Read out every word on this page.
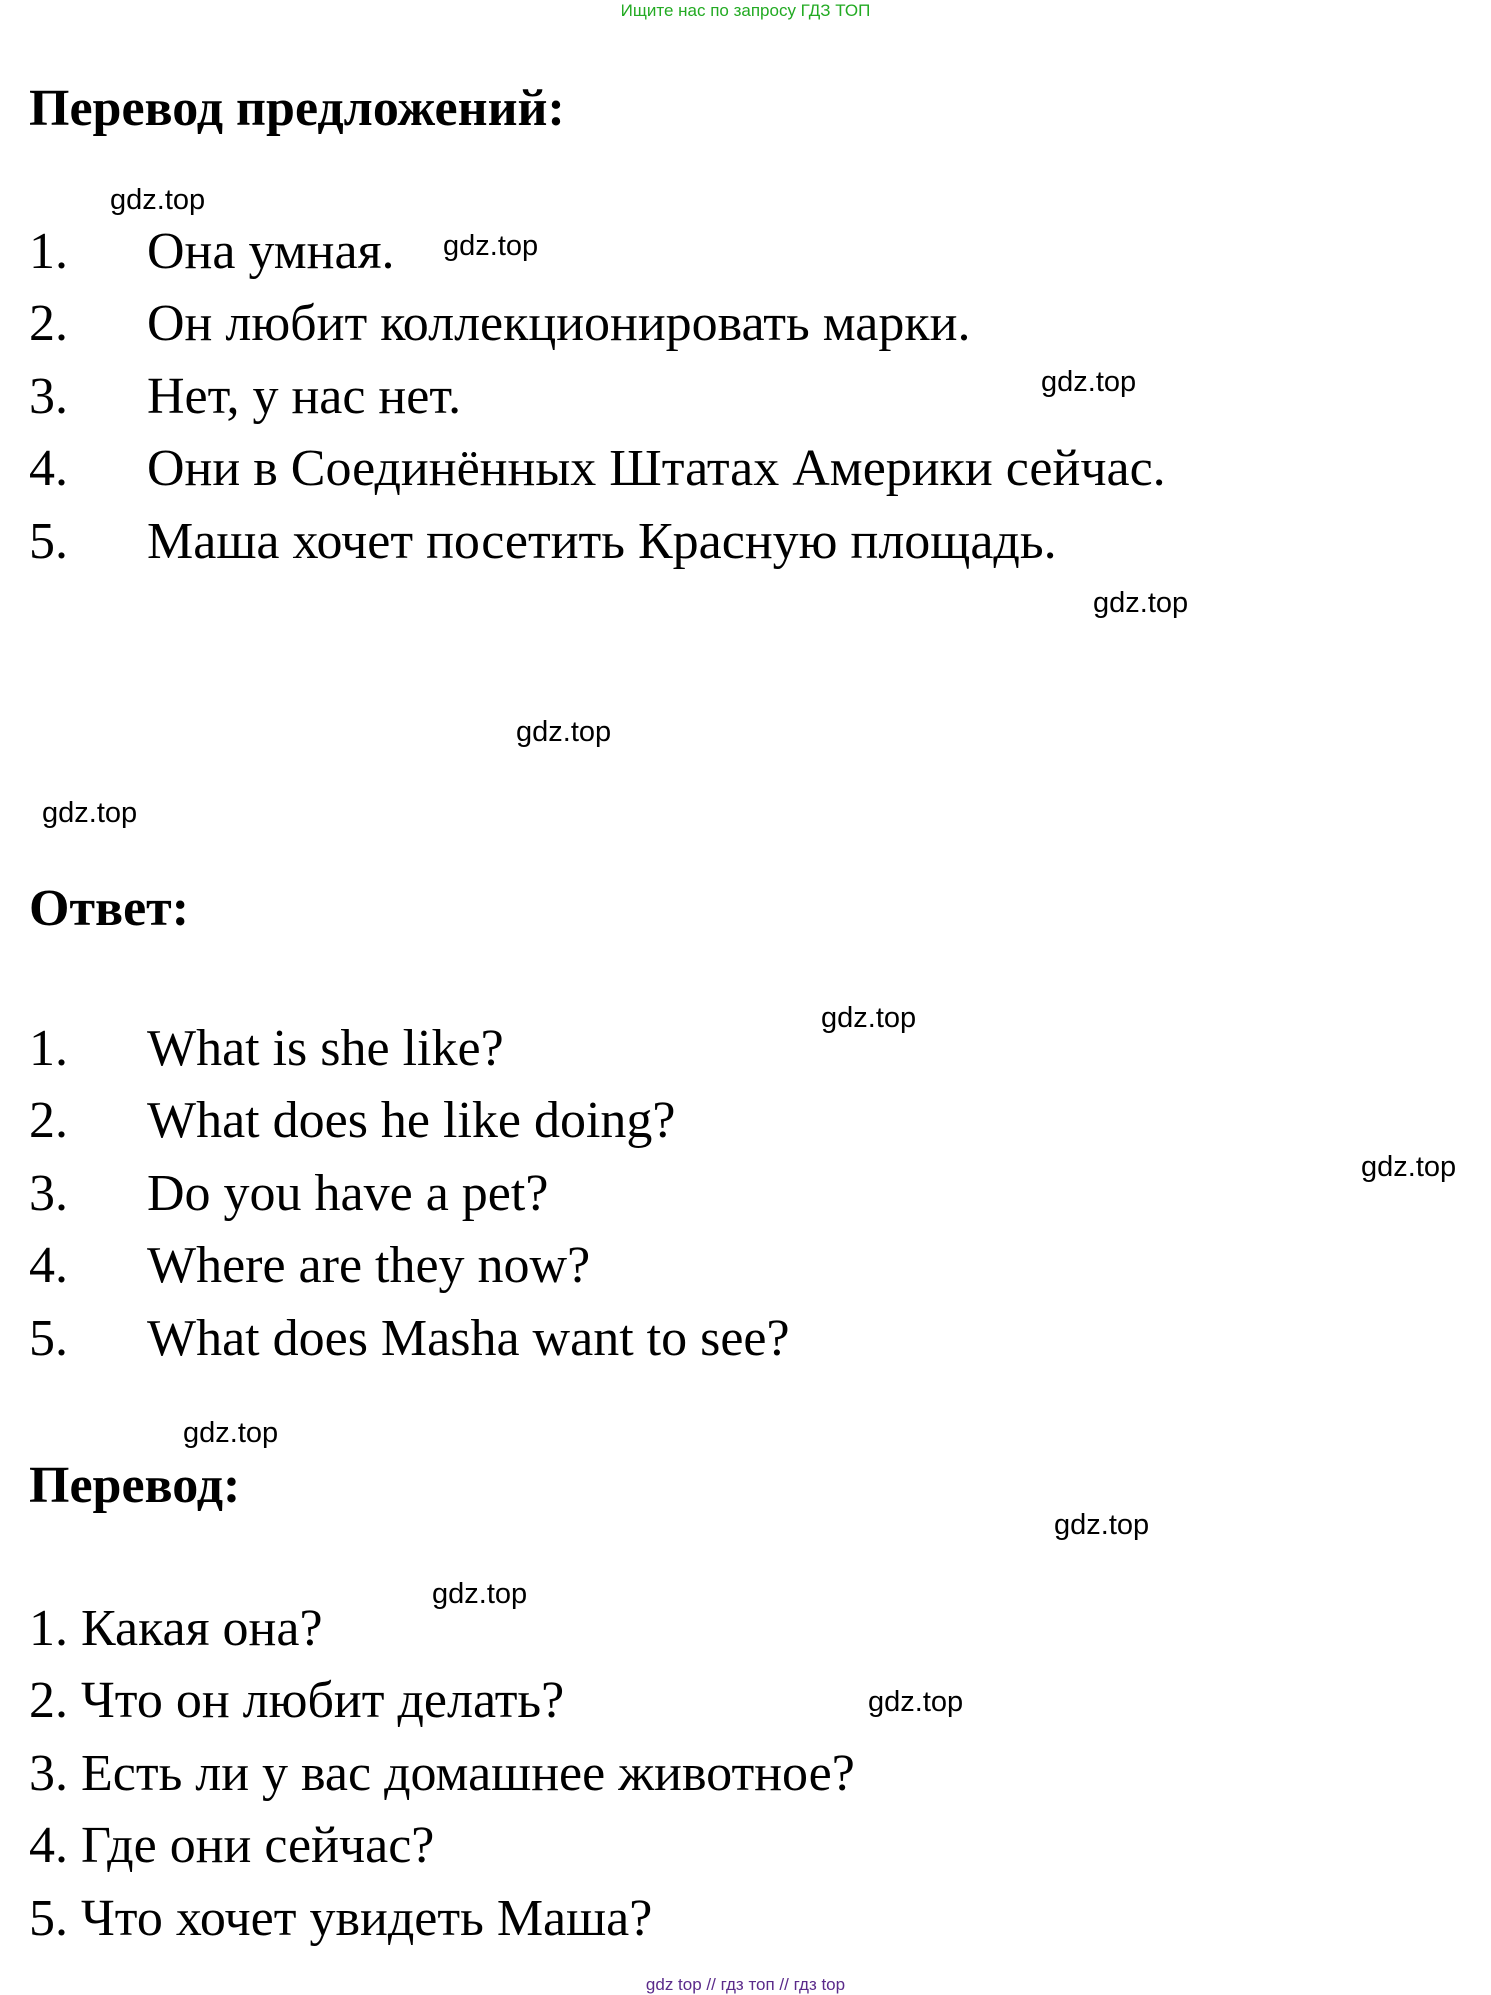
Ищите нас по запросу ГДЗ ТОП
Перевод предложений:
1. Она умная.
2. Он любит коллекционировать марки.
3. Нет, у нас нет.
4. Они в Соединённых Штатах Америки сейчас.
5. Маша хочет посетить Красную площадь.
Ответ:
1. What is she like?
2. What does he like doing?
3. Do you have a pet?
4. Where are they now?
5. What does Masha want to see?
Перевод:
1. Какая она?
2. Что он любит делать?
3. Есть ли у вас домашнее животное?
4. Где они сейчас?
5. Что хочет увидеть Маша?
gdz.top
gdz.top
gdz.top
gdz.top
gdz.top
gdz.top
gdz.top
gdz.top
gdz.top
gdz.top
gdz.top
gdz.top
gdz top // гдз топ // гдз top
